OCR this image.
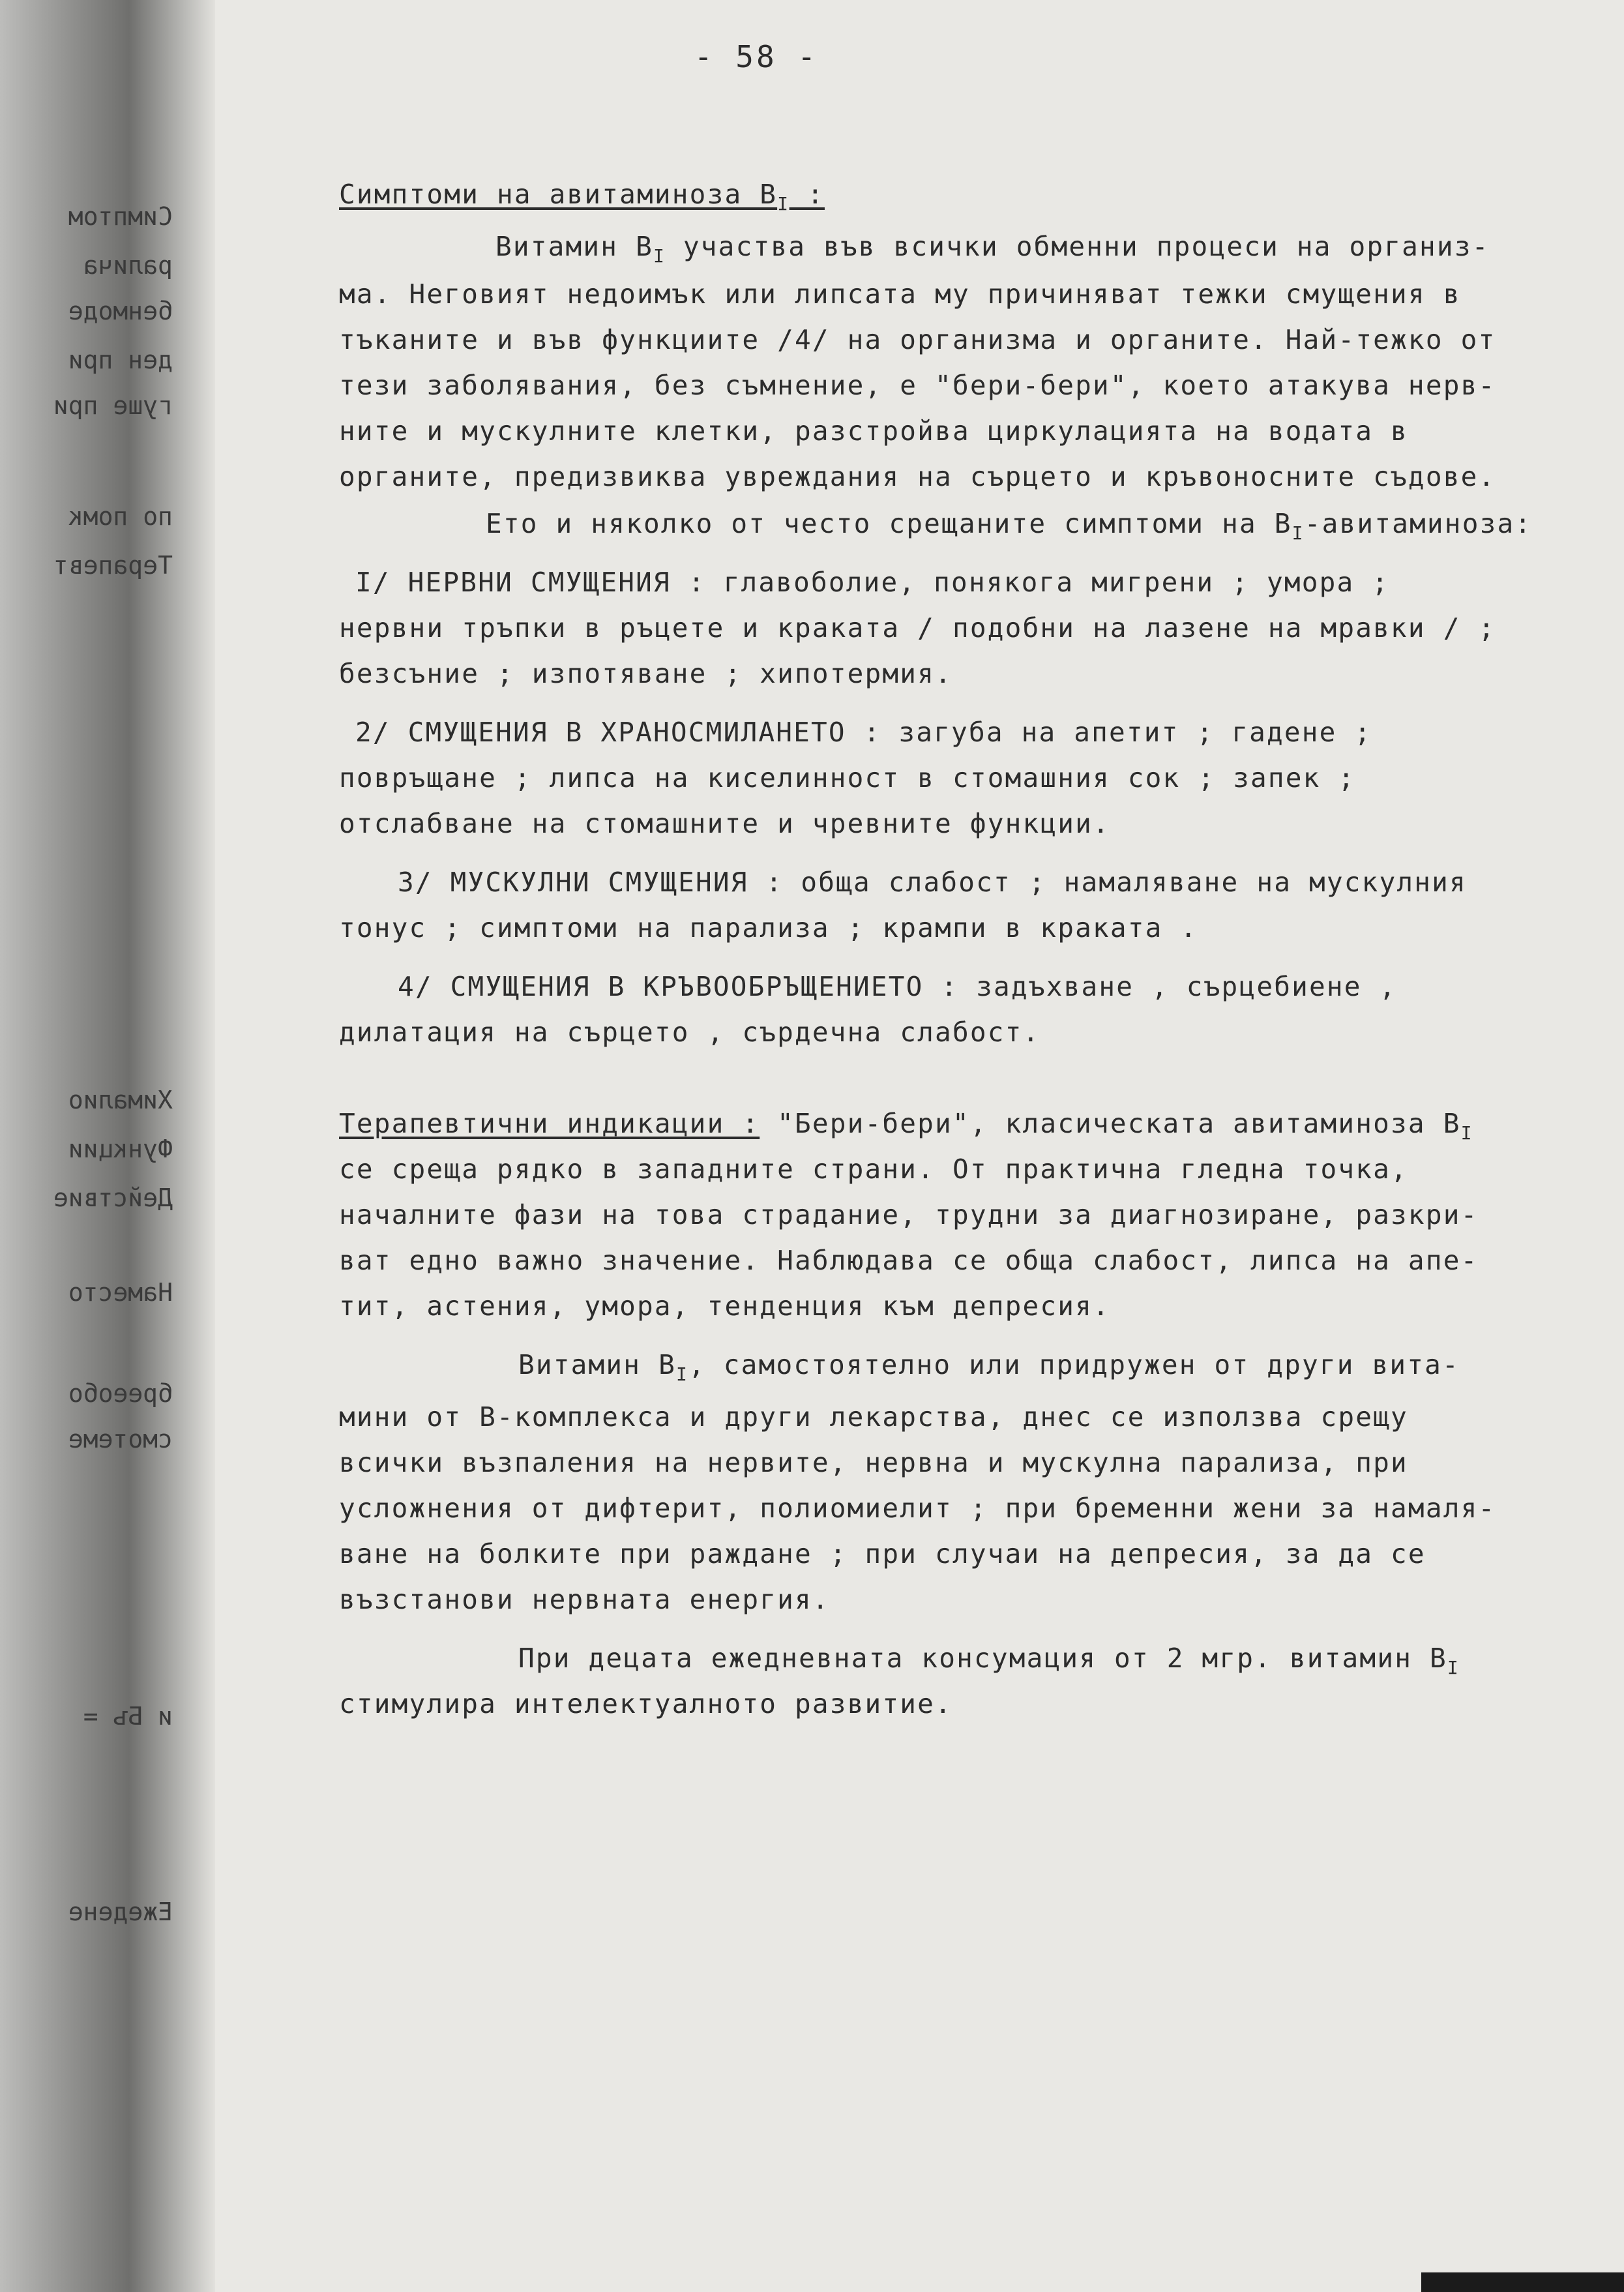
Симптом
ралича
бенмоде
ден при
гуше при
по помк
Терапевт
Хималио
Функции
Действие
Наместо
брееобо
смотеме
и Бъ =
Ежедене
- 58 -
Симптоми на авитаминоза $B_I$ :
Витамин $B_I$ участва във всички обменни процеси на организ-
ма. Неговият недоимък или липсата му причиняват тежки смущения в
тъканите и във функциите /4/ на организма и органите. Най-тежко от
тези заболявания, без съмнение, е "бери-бери", което атакува нерв-
ните и мускулните клетки, разстройва циркулацията на водата в
органите, предизвиква увреждания на сърцето и кръвоносните съдове.
Ето и няколко от често срещаните симптоми на $B_I$-авитаминоза:
I/ НЕРВНИ СМУЩЕНИЯ : главоболие, понякога мигрени ; умора ;
нервни тръпки в ръцете и краката / подобни на лазене на мравки / ;
безсъние ; изпотяване ; хипотермия.
2/ СМУЩЕНИЯ В ХРАНОСМИЛАНЕТО : загуба на апетит ; гадене ;
повръщане ; липса на киселинност в стомашния сок ; запек ;
отслабване на стомашните и чревните функции.
3/ МУСКУЛНИ СМУЩЕНИЯ : обща слабост ; намаляване на мускулния
тонус ; симптоми на парализа ; крампи в краката .
4/ СМУЩЕНИЯ В КРЪВООБРЪЩЕНИЕТО : задъхване , сърцебиене ,
дилатация на сърцето , сърдечна слабост.
Терапевтични индикации : "Бери-бери", класическата авитаминоза $B_I$
се среща рядко в западните страни. От практична гледна точка,
началните фази на това страдание, трудни за диагнозиране, разкри-
ват едно важно значение. Наблюдава се обща слабост, липса на апе-
тит, астения, умора, тенденция към депресия.
Витамин $B_I$, самостоятелно или придружен от други вита-
мини от B-комплекса и други лекарства, днес се използва срещу
всички възпаления на нервите, нервна и мускулна парализа, при
усложнения от дифтерит, полиомиелит ; при бременни жени за намаля-
ване на болките при раждане ; при случаи на депресия, за да се
възстанови нервната енергия.
При децата ежедневната консумация от 2 мгр. витамин $B_I$
стимулира интелектуалното развитие.
